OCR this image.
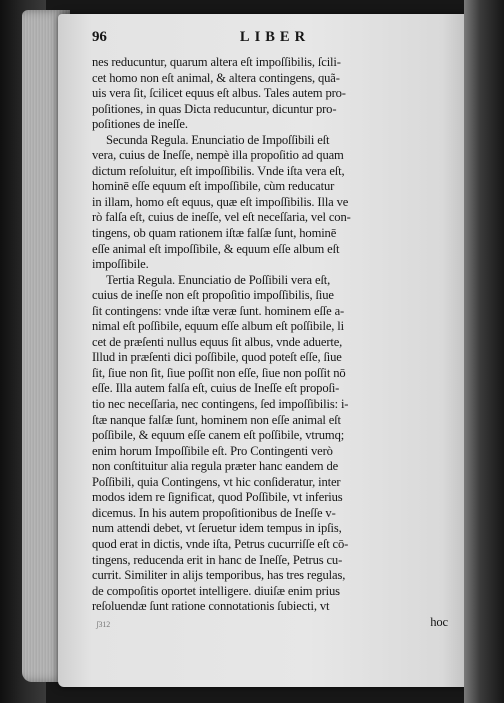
96	LIBER
nes reducuntur, quarum altera eſt impoſſibilis, ſcili-
cet homo non eſt animal, & altera contingens, quã-
uis vera ſit, ſcilicet equus eſt albus. Tales autem pro-
poſitiones, in quas Dicta reducuntur, dicuntur pro-
poſitiones de ineſſe.
Secunda Regula. Enunciatio de Impoſſibili eſt
vera, cuius de Ineſſe, nempè illa propoſitio ad quam
dictum reſoluitur, eſt impoſſibilis. Vnde iſta vera eſt,
hominē eſſe equum eſt impoſſibile, cùm reducatur
in illam, homo eſt equus, quæ eſt impoſſibilis. Illa ve
rò falſa eſt, cuius de ineſſe, vel eſt neceſſaria, vel con-
tingens, ob quam rationem iſtæ falſæ ſunt, hominē
eſſe animal eſt impoſſibile, & equum eſſe album eſt
impoſſibile.
Tertia Regula. Enunciatio de Poſſibili vera eſt,
cuius de ineſſe non eſt propoſitio impoſſibilis, ſiue
ſit contingens: vnde iſtæ veræ ſunt. hominem eſſe a-
nimal eſt poſſibile, equum eſſe album eſt poſſibile, li
cet de præſenti nullus equus ſit albus, vnde aduerte,
Illud in præſenti dici poſſibile, quod poteſt eſſe, ſiue
ſit, ſiue non ſit, ſiue poſſit non eſſe, ſiue non poſſit nō
eſſe. Illa autem falſa eſt, cuius de Ineſſe eſt propoſi-
tio nec neceſſaria, nec contingens, ſed impoſſibilis: i-
ſtæ nanque falſæ ſunt, hominem non eſſe animal eſt
poſſibile, & equum eſſe canem eſt poſſibile, vtrumq;
enim horum Impoſſibile eſt. Pro Contingenti verò
non conſtituitur alia regula præter hanc eandem de
Poſſibili, quia Contingens, vt hic conſideratur, inter
modos idem re ſignificat, quod Poſſibile, vt inferius
dicemus. In his autem propoſitionibus de Ineſſe v-
num attendi debet, vt ſeruetur idem tempus in ipſis,
quod erat in dictis, vnde iſta, Petrus cucurriſſe eſt cō-
tingens, reducenda erit in hanc de Ineſſe, Petrus cu-
currit. Similiter in alijs temporibus, has tres regulas,
de compoſitis oportet intelligere. diuiſæ enim prius
reſoluendæ ſunt ratione connotationis ſubiecti, vt
ʃ312	hoc
